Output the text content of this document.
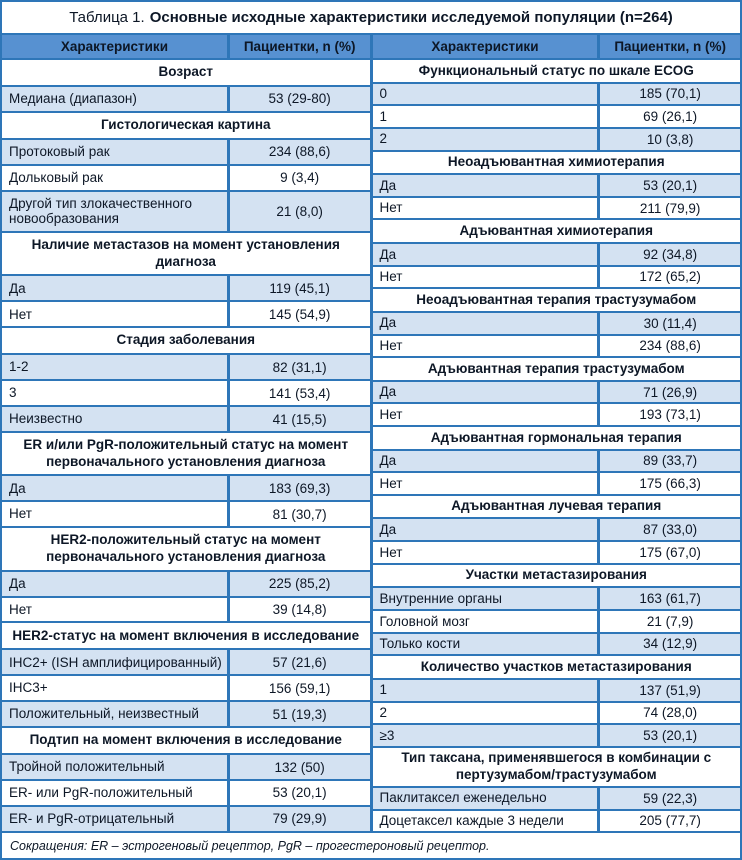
Таблица 1. Основные исходные характеристики исследуемой популяции (n=264)
Характеристики	Пациентки, n (%)
Возраст
Медиана (диапазон)	53 (29-80)
Гистологическая картина
Протоковый рак	234 (88,6)
Дольковый рак	9 (3,4)
Другой тип злокачественного новообразования	21 (8,0)
Наличие метастазов на момент установления диагноза
Да	119 (45,1)
Нет	145 (54,9)
Стадия заболевания
1-2	82 (31,1)
3	141 (53,4)
Неизвестно	41 (15,5)
ER и/или PgR-положительный статус на момент первоначального установления диагноза
Да	183 (69,3)
Нет	81 (30,7)
HER2-положительный статус на момент первоначального установления диагноза
Да	225 (85,2)
Нет	39 (14,8)
HER2-статус на момент включения в исследование
IHC2+ (ISH амплифицированный)	57 (21,6)
IHC3+	156 (59,1)
Положительный, неизвестный	51 (19,3)
Подтип на момент включения в исследование
Тройной положительный	132 (50)
ER- или PgR-положительный	53 (20,1)
ER- и PgR-отрицательный	79 (29,9)
Характеристики	Пациентки, n (%)
Функциональный статус по шкале ECOG
0	185 (70,1)
1	69 (26,1)
2	10 (3,8)
Неоадъювантная химиотерапия
Да	53 (20,1)
Нет	211 (79,9)
Адъювантная химиотерапия
Да	92 (34,8)
Нет	172 (65,2)
Неоадъювантная терапия трастузумабом
Да	30 (11,4)
Нет	234 (88,6)
Адъювантная терапия трастузумабом
Да	71 (26,9)
Нет	193 (73,1)
Адъювантная гормональная терапия
Да	89 (33,7)
Нет	175 (66,3)
Адъювантная лучевая терапия
Да	87 (33,0)
Нет	175 (67,0)
Участки метастазирования
Внутренние органы	163 (61,7)
Головной мозг	21 (7,9)
Только кости	34 (12,9)
Количество участков метастазирования
1	137 (51,9)
2	74 (28,0)
≥3	53 (20,1)
Тип таксана, применявшегося в комбинации с пертузумабом/трастузумабом
Паклитаксел еженедельно	59 (22,3)
Доцетаксел каждые 3 недели	205 (77,7)
Сокращения: ER – эстрогеновый рецептор, PgR – прогестероновый рецептор.
